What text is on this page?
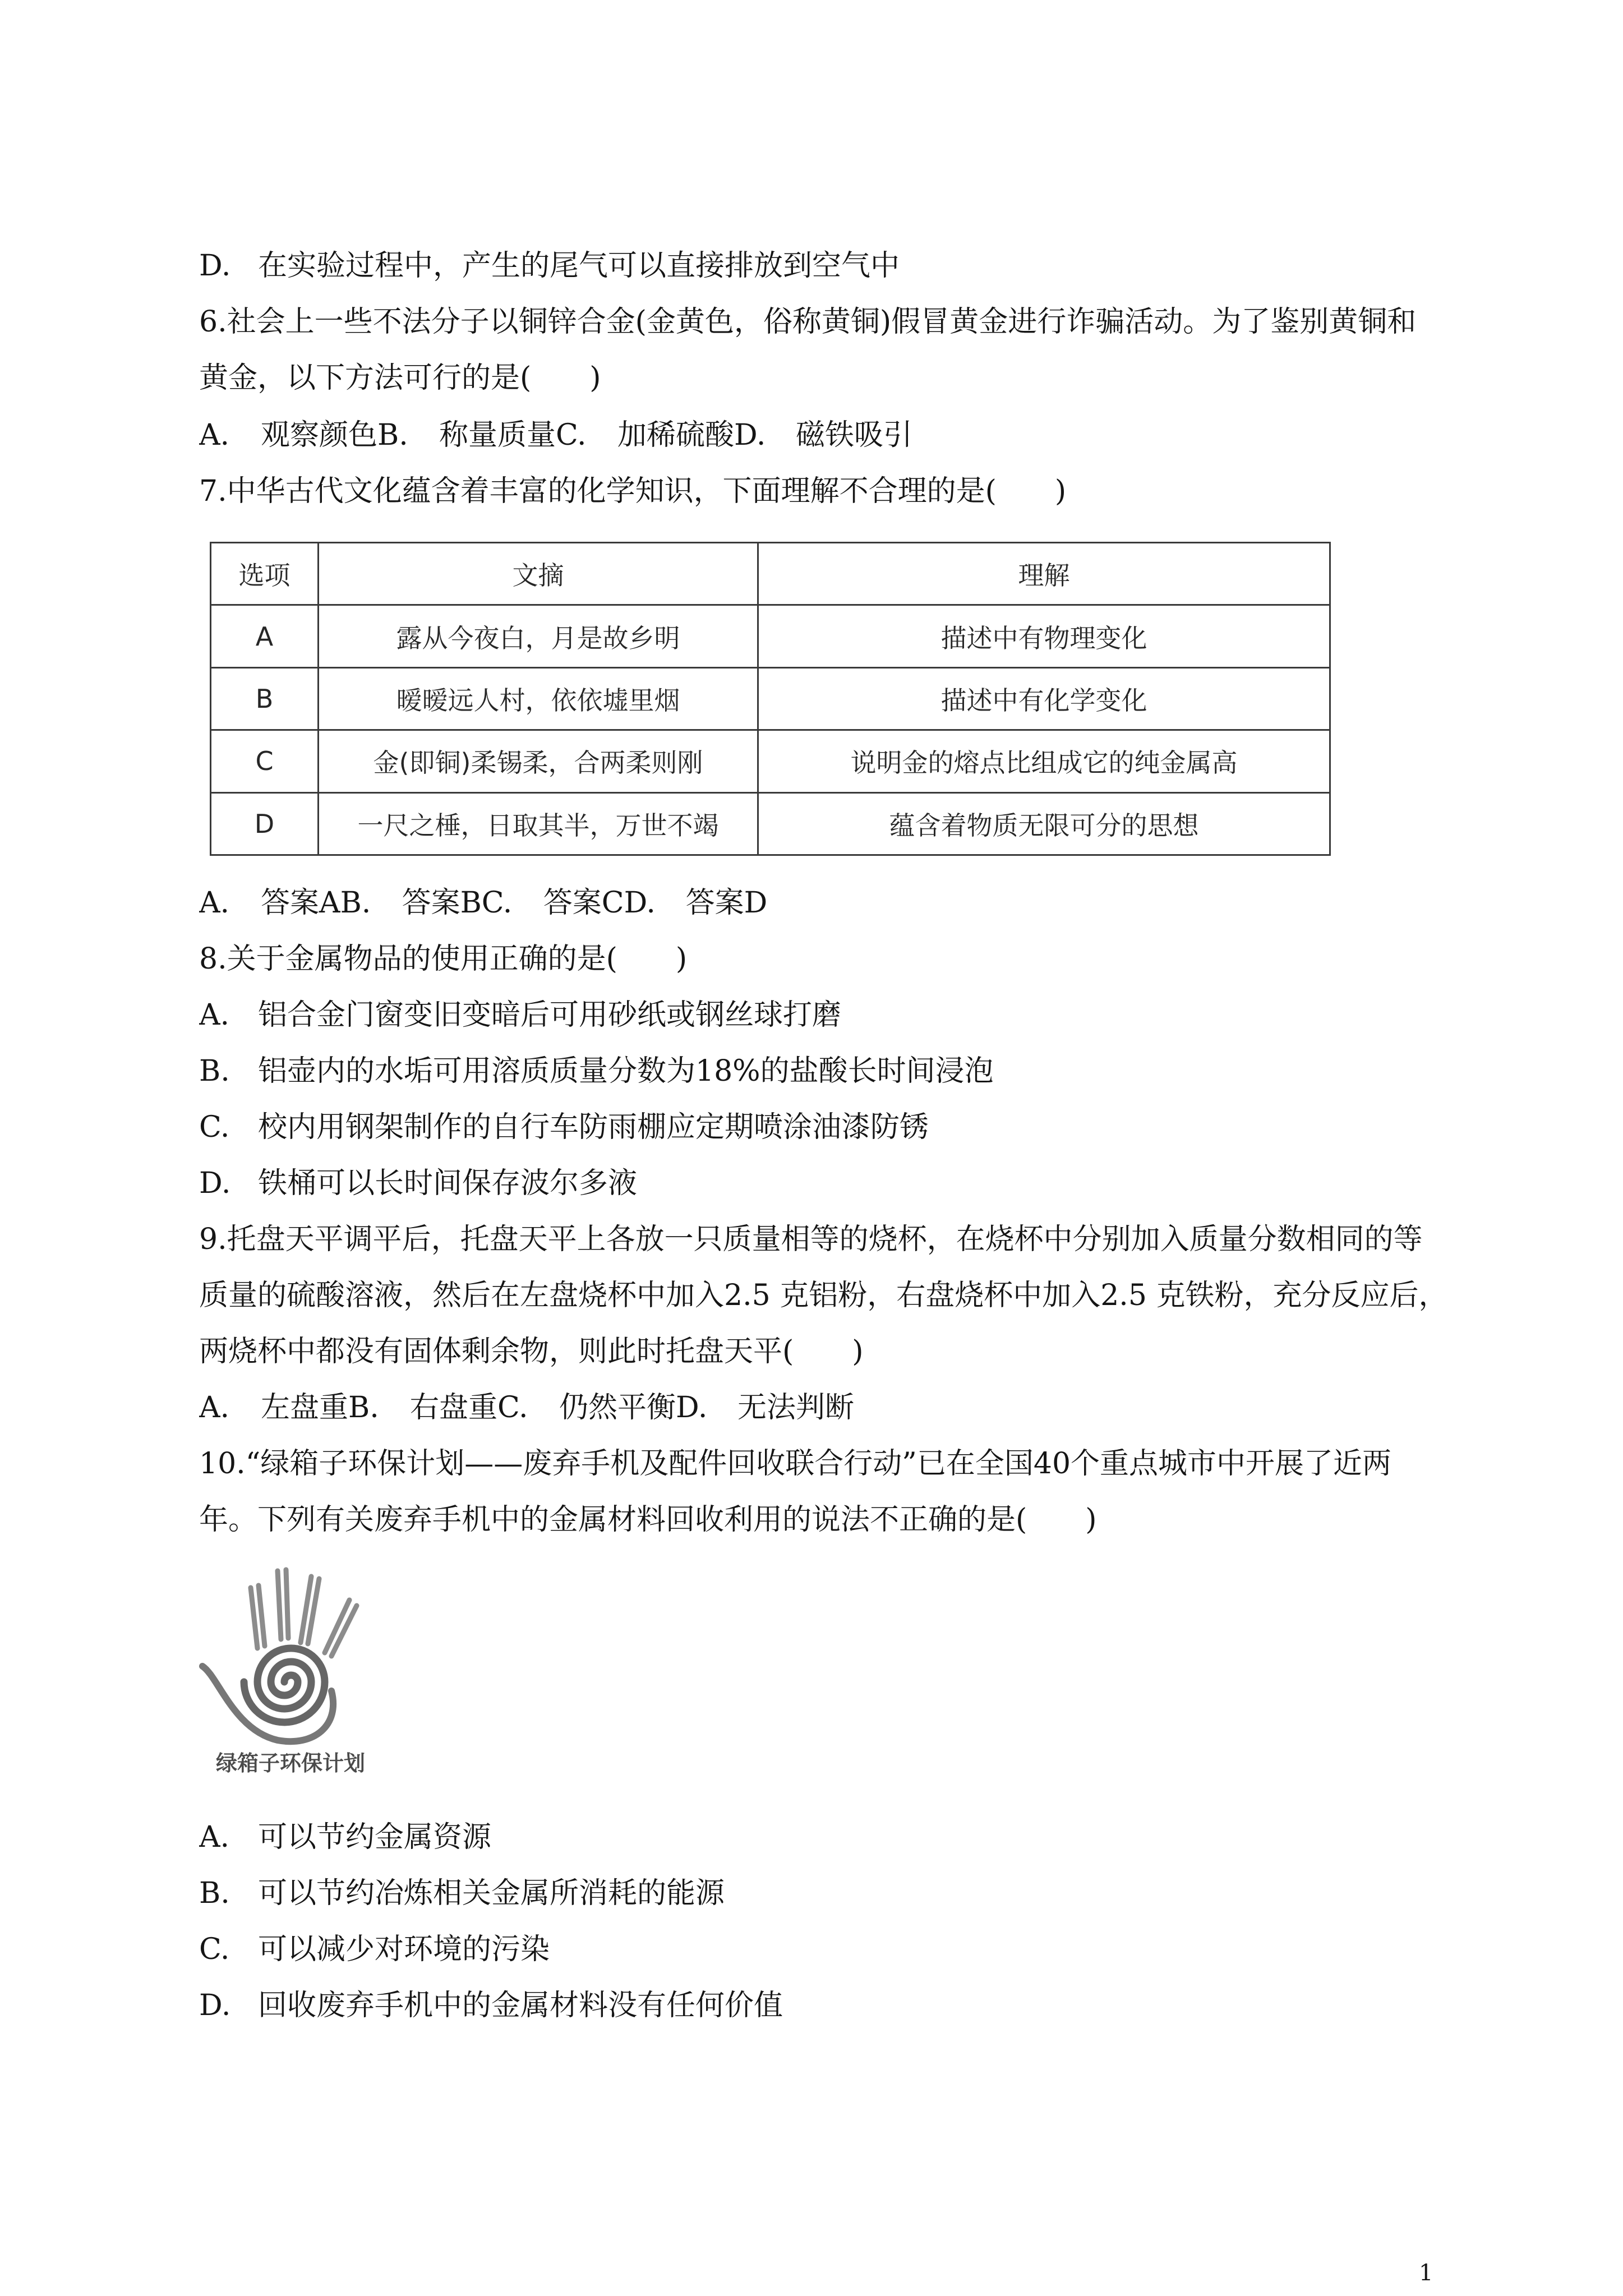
D. 在实验过程中，产生的尾气可以直接排放到空气中
6.社会上一些不法分子以铜锌合金(金黄色，俗称黄铜)假冒黄金进行诈骗活动。为了鉴别黄铜和
黄金，以下方法可行的是(　　)
A. 观察颜色B. 称量质量C. 加稀硫酸D. 磁铁吸引
7.中华古代文化蕴含着丰富的化学知识，下面理解不合理的是(　　)
选项	文摘	理解
A	露从今夜白，月是故乡明	描述中有物理变化
B	暧暧远人村，依依墟里烟	描述中有化学变化
C	金(即铜)柔锡柔，合两柔则刚	说明金的熔点比组成它的纯金属高
D	一尺之棰，日取其半，万世不竭	蕴含着物质无限可分的思想
A. 答案AB. 答案BC. 答案CD. 答案D
8.关于金属物品的使用正确的是(　　)
A. 铝合金门窗变旧变暗后可用砂纸或钢丝球打磨
B. 铝壶内的水垢可用溶质质量分数为18%的盐酸长时间浸泡
C. 校内用钢架制作的自行车防雨棚应定期喷涂油漆防锈
D. 铁桶可以长时间保存波尔多液
9.托盘天平调平后，托盘天平上各放一只质量相等的烧杯，在烧杯中分别加入质量分数相同的等
质量的硫酸溶液，然后在左盘烧杯中加入2.5 克铝粉，右盘烧杯中加入2.5 克铁粉，充分反应后，
两烧杯中都没有固体剩余物，则此时托盘天平(　　)
A. 左盘重B. 右盘重C. 仍然平衡D. 无法判断
10.“绿箱子环保计划——废弃手机及配件回收联合行动”已在全国40个重点城市中开展了近两
年。下列有关废弃手机中的金属材料回收利用的说法不正确的是(　　)
绿箱子环保计划
A. 可以节约金属资源
B. 可以节约冶炼相关金属所消耗的能源
C. 可以减少对环境的污染
D. 回收废弃手机中的金属材料没有任何价值
1
